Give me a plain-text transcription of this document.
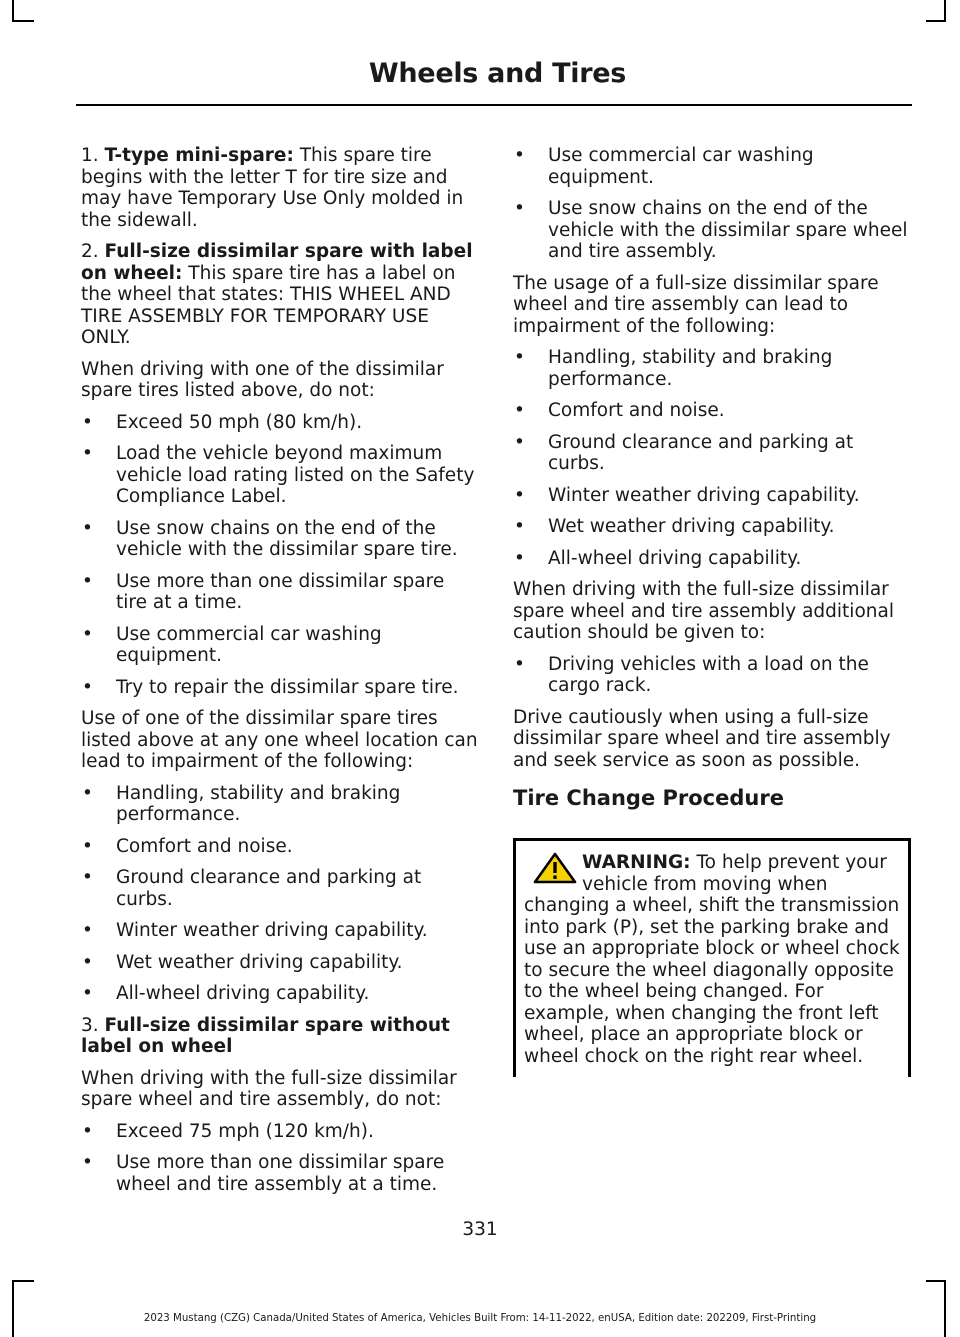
Wheels and Tires

1. T-type mini-spare: This spare tire begins with the letter T for tire size and may have Temporary Use Only molded in the sidewall.

2. Full-size dissimilar spare with label on wheel: This spare tire has a label on the wheel that states: THIS WHEEL AND TIRE ASSEMBLY FOR TEMPORARY USE ONLY.

When driving with one of the dissimilar spare tires listed above, do not:

• Exceed 50 mph (80 km/h).
• Load the vehicle beyond maximum vehicle load rating listed on the Safety Compliance Label.
• Use snow chains on the end of the vehicle with the dissimilar spare tire.
• Use more than one dissimilar spare tire at a time.
• Use commercial car washing equipment.
• Try to repair the dissimilar spare tire.

Use of one of the dissimilar spare tires listed above at any one wheel location can lead to impairment of the following:

• Handling, stability and braking performance.
• Comfort and noise.
• Ground clearance and parking at curbs.
• Winter weather driving capability.
• Wet weather driving capability.
• All-wheel driving capability.

3. Full-size dissimilar spare without label on wheel

When driving with the full-size dissimilar spare wheel and tire assembly, do not:

• Exceed 75 mph (120 km/h).
• Use more than one dissimilar spare wheel and tire assembly at a time.
• Use commercial car washing equipment.
• Use snow chains on the end of the vehicle with the dissimilar spare wheel and tire assembly.

The usage of a full-size dissimilar spare wheel and tire assembly can lead to impairment of the following:

• Handling, stability and braking performance.
• Comfort and noise.
• Ground clearance and parking at curbs.
• Winter weather driving capability.
• Wet weather driving capability.
• All-wheel driving capability.

When driving with the full-size dissimilar spare wheel and tire assembly additional caution should be given to:

• Driving vehicles with a load on the cargo rack.

Drive cautiously when using a full-size dissimilar spare wheel and tire assembly and seek service as soon as possible.

Tire Change Procedure
WARNING: To help prevent your vehicle from moving when changing a wheel, shift the transmission into park (P), set the parking brake and use an appropriate block or wheel chock to secure the wheel diagonally opposite to the wheel being changed. For example, when changing the front left wheel, place an appropriate block or wheel chock on the right rear wheel.
331
2023 Mustang (CZG) Canada/United States of America, Vehicles Built From: 14-11-2022, enUSA, Edition date: 202209, First-Printing
